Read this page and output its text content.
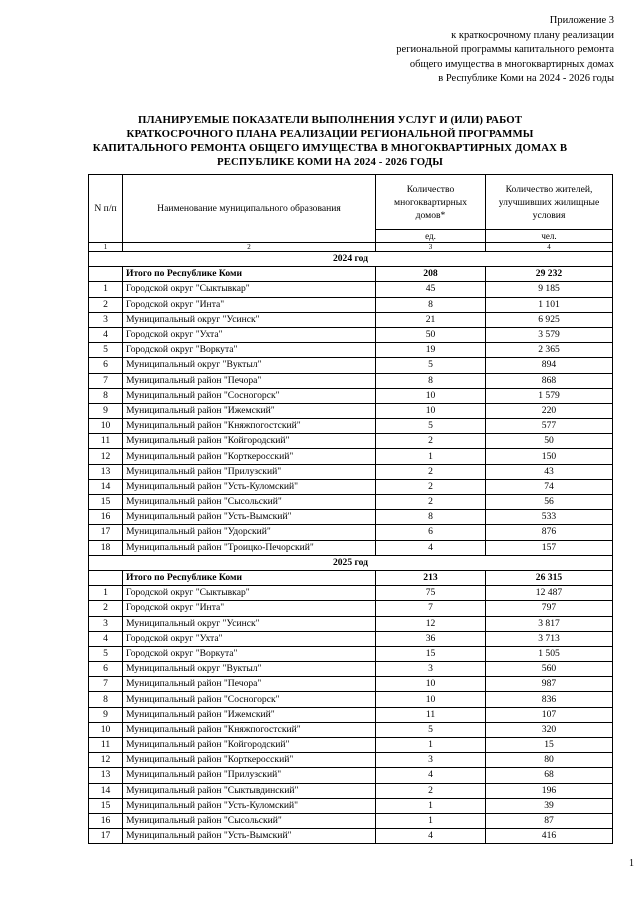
Приложение 3
к краткосрочному плану реализации
региональной программы капитального ремонта
общего имущества в многоквартирных домах
в Республике Коми на 2024 - 2026 годы
ПЛАНИРУЕМЫЕ ПОКАЗАТЕЛИ ВЫПОЛНЕНИЯ УСЛУГ И (ИЛИ) РАБОТ
КРАТКОСРОЧНОГО ПЛАНА РЕАЛИЗАЦИИ РЕГИОНАЛЬНОЙ ПРОГРАММЫ
КАПИТАЛЬНОГО РЕМОНТА ОБЩЕГО ИМУЩЕСТВА В МНОГОКВАРТИРНЫХ ДОМАХ В
РЕСПУБЛИКЕ КОМИ НА 2024 - 2026 ГОДЫ
N п/п	Наименование муниципального образования	Количество многоквартирных домов*	Количество жителей, улучшивших жилищные условия
		ед.	чел.
1	2	3	4
2024 год			
	Итого по Республике Коми	208	29 232
1	Городской округ "Сыктывкар"	45	9 185
2	Городской округ "Инта"	8	1 101
3	Муниципальный округ "Усинск"	21	6 925
4	Городской округ "Ухта"	50	3 579
5	Городской округ "Воркута"	19	2 365
6	Муниципальный округ "Вуктыл"	5	894
7	Муниципальный район "Печора"	8	868
8	Муниципальный район "Сосногорск"	10	1 579
9	Муниципальный район "Ижемский"	10	220
10	Муниципальный район "Княжпогостский"	5	577
11	Муниципальный район "Койгородский"	2	50
12	Муниципальный район "Корткеросский"	1	150
13	Муниципальный район "Прилузский"	2	43
14	Муниципальный район "Усть-Куломский"	2	74
15	Муниципальный район "Сысольский"	2	56
16	Муниципальный район "Усть-Вымский"	8	533
17	Муниципальный район "Удорский"	6	876
18	Муниципальный район "Троицко-Печорский"	4	157
2025 год			
	Итого по Республике Коми	213	26 315
1	Городской округ "Сыктывкар"	75	12 487
2	Городской округ "Инта"	7	797
3	Муниципальный округ "Усинск"	12	3 817
4	Городской округ "Ухта"	36	3 713
5	Городской округ "Воркута"	15	1 505
6	Муниципальный округ "Вуктыл"	3	560
7	Муниципальный район "Печора"	10	987
8	Муниципальный район "Сосногорск"	10	836
9	Муниципальный район "Ижемский"	11	107
10	Муниципальный район "Княжпогостский"	5	320
11	Муниципальный район "Койгородский"	1	15
12	Муниципальный район "Корткеросский"	3	80
13	Муниципальный район "Прилузский"	4	68
14	Муниципальный район "Сыктывдинский"	2	196
15	Муниципальный район "Усть-Куломский"	1	39
16	Муниципальный район "Сысольский"	1	87
17	Муниципальный район "Усть-Вымский"	4	416
1
